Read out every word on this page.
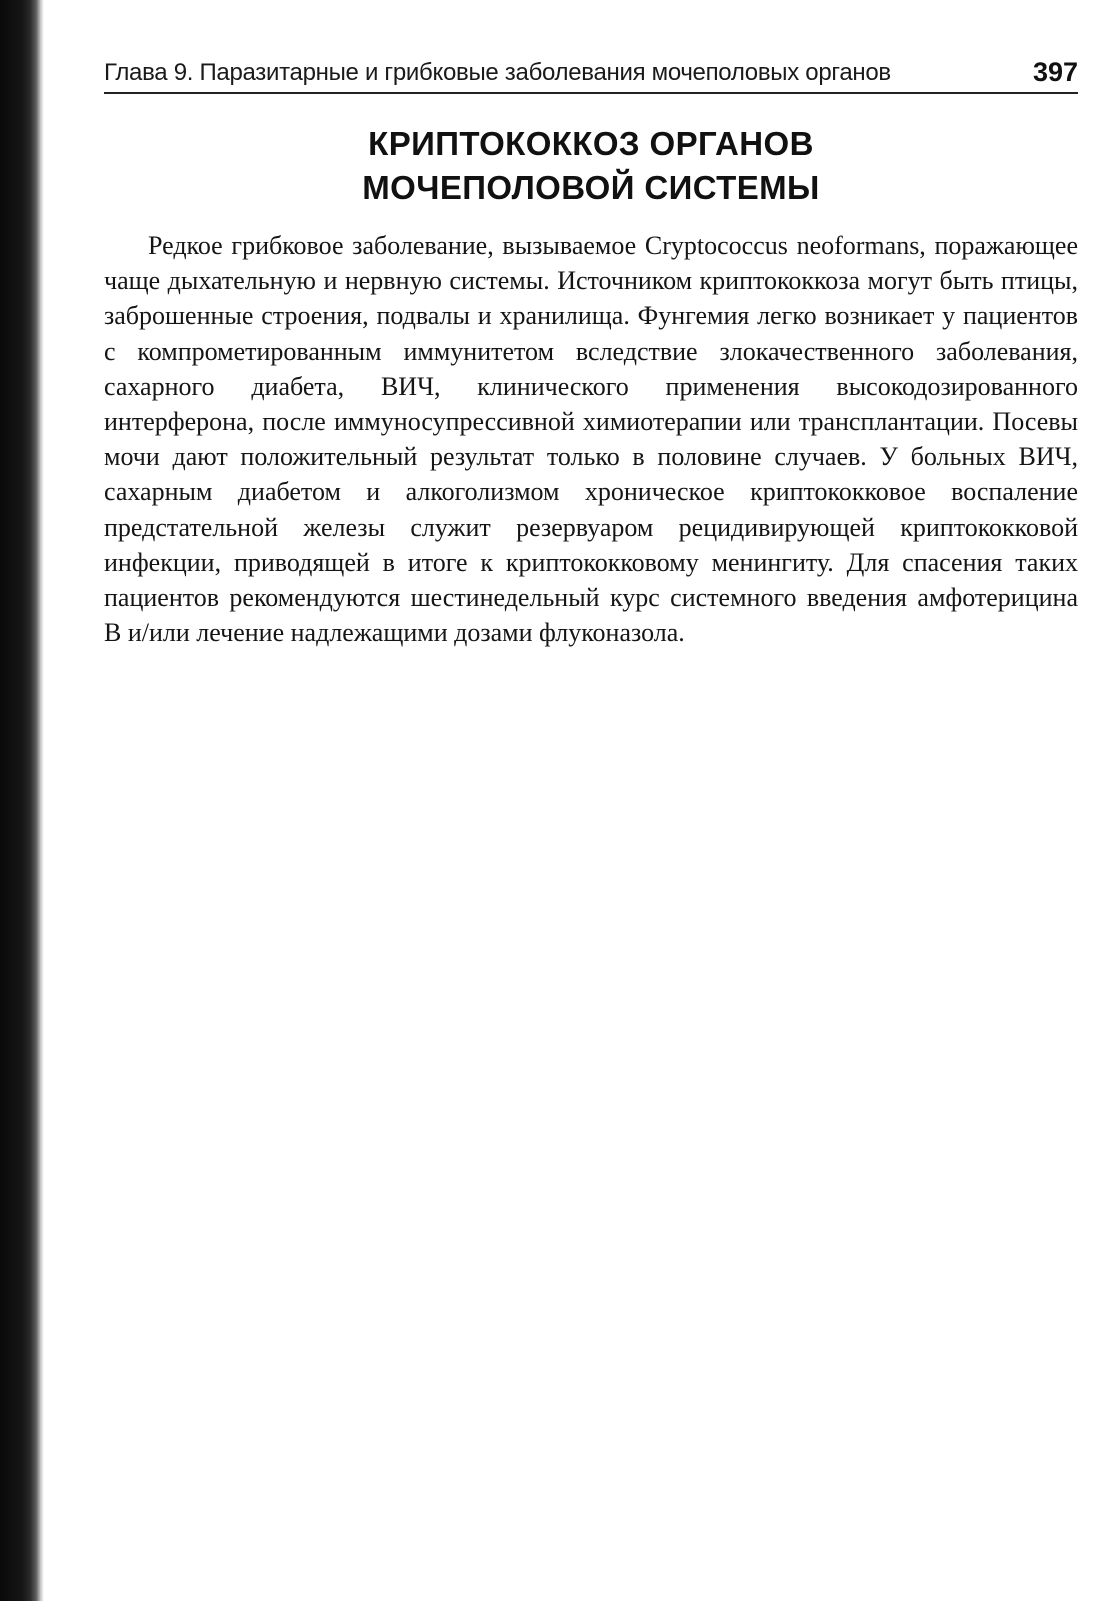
Глава 9. Паразитарные и грибковые заболевания мочеполовых органов	397
КРИПТОКОККОЗ ОРГАНОВ
МОЧЕПОЛОВОЙ СИСТЕМЫ

Редкое грибковое заболевание, вызываемое Cryptococcus neoformans, поражающее чаще дыхательную и нервную системы. Источником криптококкоза могут быть птицы, заброшенные строения, подвалы и хранилища. Фунгемия легко возникает у пациентов с компрометированным иммунитетом вследствие злокачественного заболевания, сахарного диабета, ВИЧ, клинического применения высокодозированного интерферона, после иммуносупрессивной химиотерапии или трансплантации. Посевы мочи дают положительный результат только в половине случаев. У больных ВИЧ, сахарным диабетом и алкоголизмом хроническое криптококковое воспаление предстательной железы служит резервуаром рецидивирующей криптококковой инфекции, приводящей в итоге к криптококковому менингиту. Для спасения таких пациентов рекомендуются шестинедельный курс системного введения амфотерицина В и/или лечение надлежащими дозами флуконазола.
